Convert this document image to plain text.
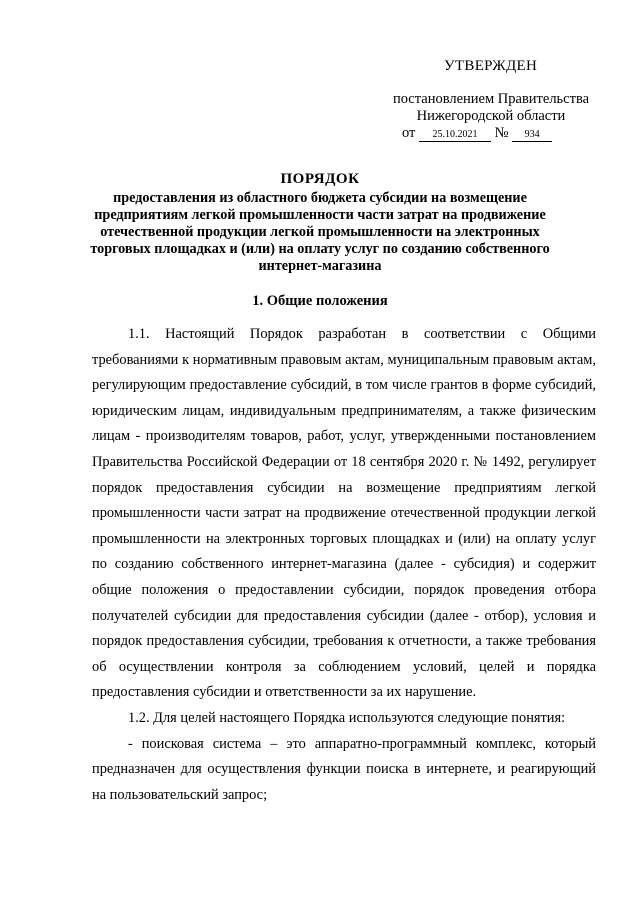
УТВЕРЖДЕН
постановлением Правительства
Нижегородской области
от 25.10.2021 № 934
ПОРЯДОК
предоставления из областного бюджета субсидии на возмещение
предприятиям легкой промышленности части затрат на продвижение
отечественной продукции легкой промышленности на электронных
торговых площадках и (или) на оплату услуг по созданию собственного
интернет-магазина
1. Общие положения

1.1. Настоящий Порядок разработан в соответствии с Общими требованиями к нормативным правовым актам, муниципальным правовым актам, регулирующим предоставление субсидий, в том числе грантов в форме субсидий, юридическим лицам, индивидуальным предпринимателям, а также физическим лицам - производителям товаров, работ, услуг, утвержденными постановлением Правительства Российской Федерации от 18 сентября 2020 г. № 1492, регулирует порядок предоставления субсидии на возмещение предприятиям легкой промышленности части затрат на продвижение отечественной продукции легкой промышленности на электронных торговых площадках и (или) на оплату услуг по созданию собственного интернет-магазина (далее - субсидия) и содержит общие положения о предоставлении субсидии, порядок проведения отбора получателей субсидии для предоставления субсидии (далее - отбор), условия и порядок предоставления субсидии, требования к отчетности, а также требования об осуществлении контроля за соблюдением условий, целей и порядка предоставления субсидии и ответственности за их нарушение.

1.2. Для целей настоящего Порядка используются следующие понятия:

- поисковая система – это аппаратно-программный комплекс, который предназначен для осуществления функции поиска в интернете, и реагирующий на пользовательский запрос;
